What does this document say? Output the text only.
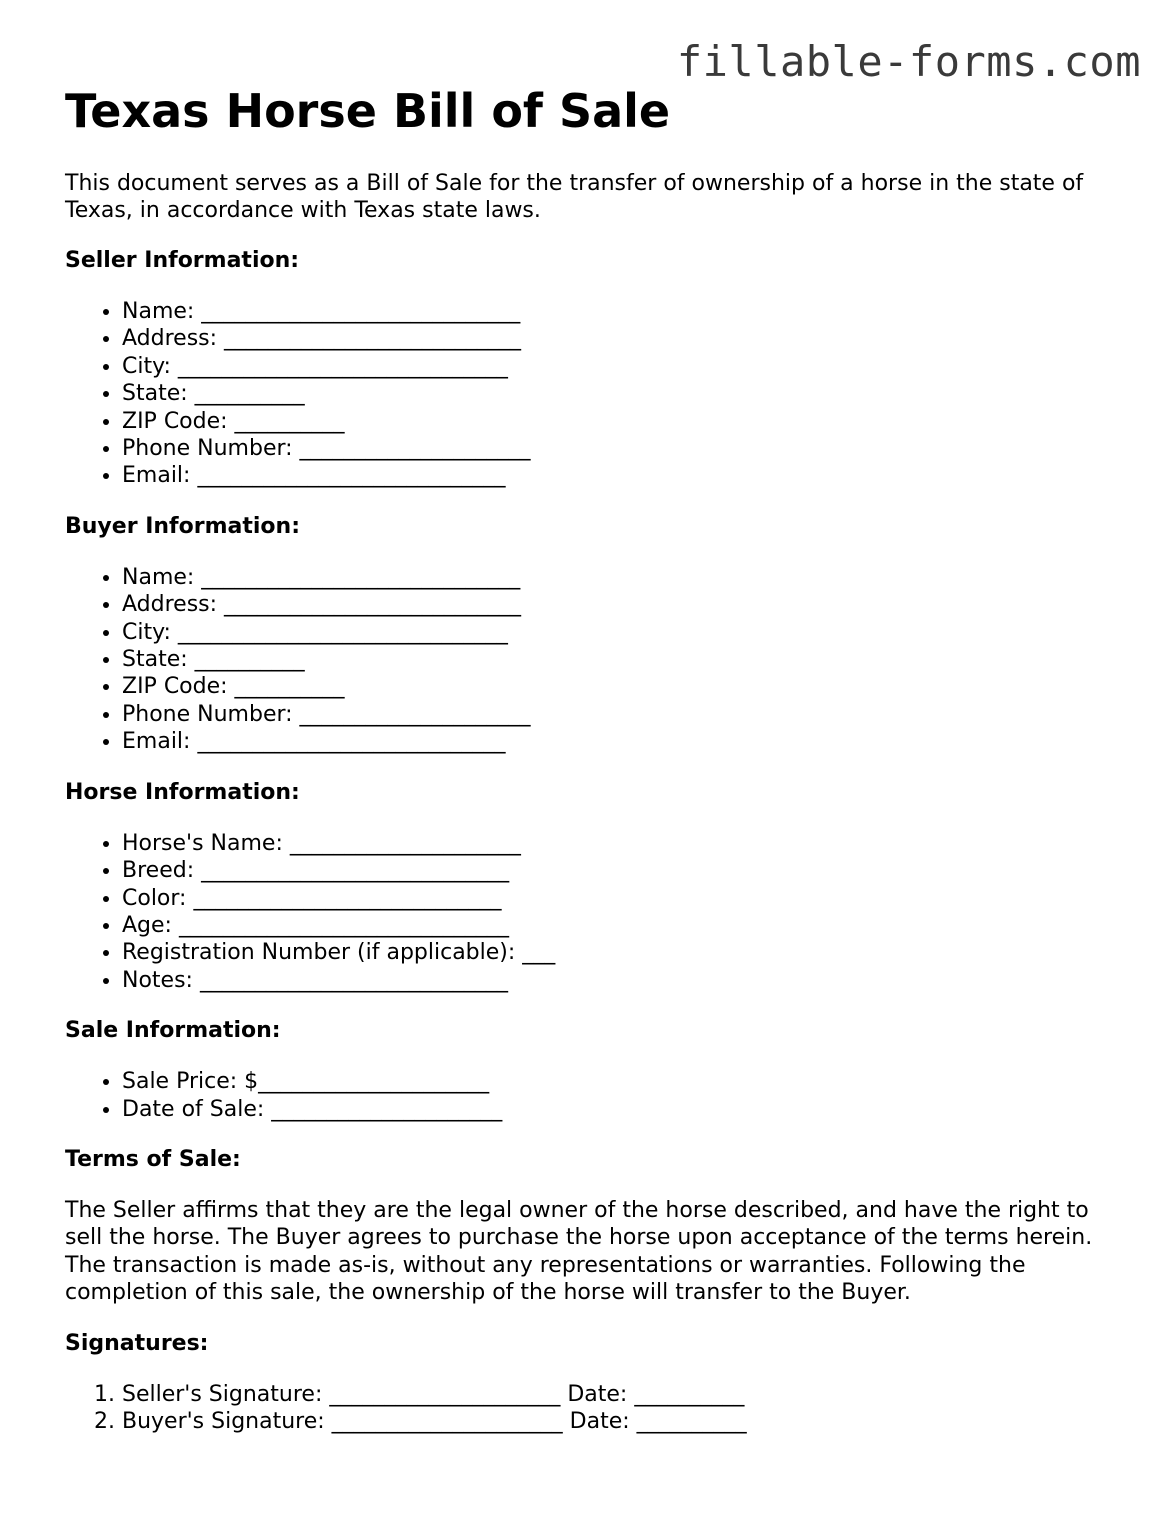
fillable-forms.com
Texas Horse Bill of Sale

This document serves as a Bill of Sale for the transfer of ownership of a horse in the state of Texas, in accordance with Texas state laws.

Seller Information:

• Name: _____________________________
• Address: ___________________________
• City: ______________________________
• State: __________
• ZIP Code: __________
• Phone Number: _____________________
• Email: ____________________________

Buyer Information:

• Name: _____________________________
• Address: ___________________________
• City: ______________________________
• State: __________
• ZIP Code: __________
• Phone Number: _____________________
• Email: ____________________________

Horse Information:

• Horse's Name: _____________________
• Breed: ____________________________
• Color: ____________________________
• Age: ______________________________
• Registration Number (if applicable): ___
• Notes: ____________________________

Sale Information:

• Sale Price: $_____________________
• Date of Sale: _____________________

Terms of Sale:

The Seller affirms that they are the legal owner of the horse described, and have the right to sell the horse. The Buyer agrees to purchase the horse upon acceptance of the terms herein. The transaction is made as-is, without any representations or warranties. Following the completion of this sale, the ownership of the horse will transfer to the Buyer.

Signatures:

1. Seller's Signature: _____________________ Date: __________
2. Buyer's Signature: _____________________ Date: __________
